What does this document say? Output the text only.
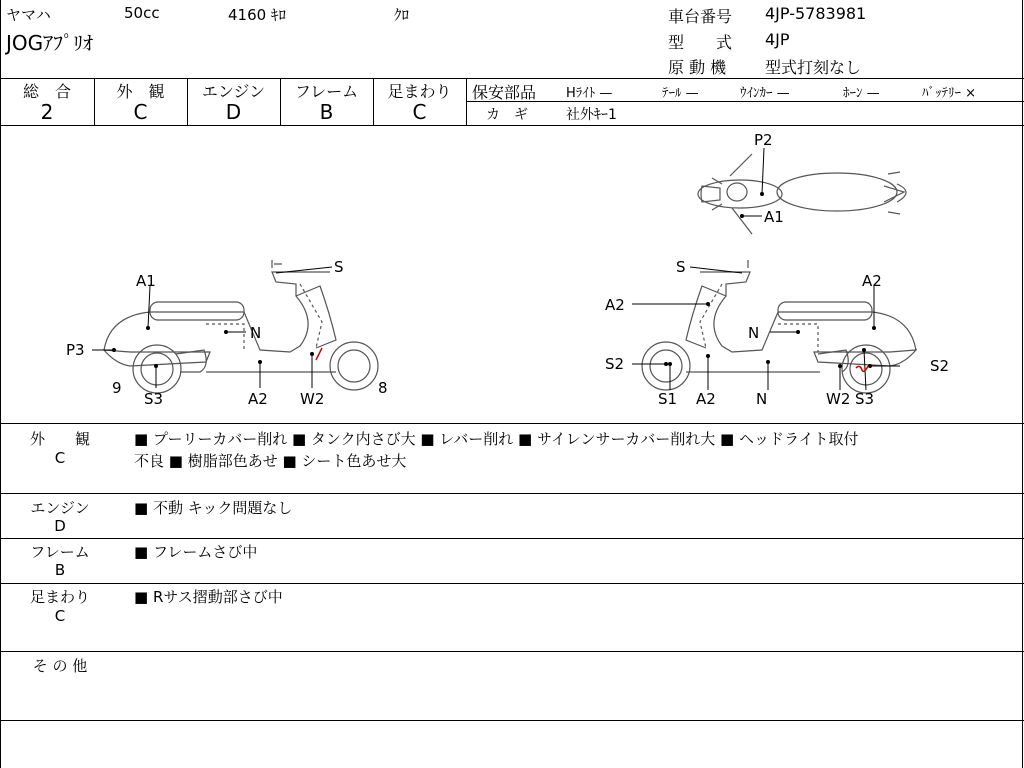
ヤマハ	50cc	4160 ｷﾛ	ｸﾛ
JOGｱﾌﾟﾘｵ
車台番号 4JP-5783981
型　　式 4JP
原 動 機 型式打刻なし
総　合
2
外　観
C
エンジン
D
フレーム
B
足まわり
C
保安部品 Hﾗｲﾄ —	ﾃｰﾙ —	ｳｲﾝｶｰ —	ﾎｰﾝ —	ﾊﾞｯﾃﾘｰ ×
カ　ギ	社外ｷｰ1
P2
A1
A1
S
N
P3
9
S3	A2 W2
8
S
A2
A2
N
S2	S2
S1 A2	N	W2 S3
外　　観
C
■ プーリーカバー削れ ■ タンク内さび大 ■ レバー削れ ■ サイレンサーカバー削れ大 ■ ヘッドライト取付
不良 ■ 樹脂部色あせ ■ シート色あせ大
エンジン
D
■ 不動 キック問題なし
フレーム
B
■ フレームさび中
足まわり
C
■ Rサス摺動部さび中
そ の 他
